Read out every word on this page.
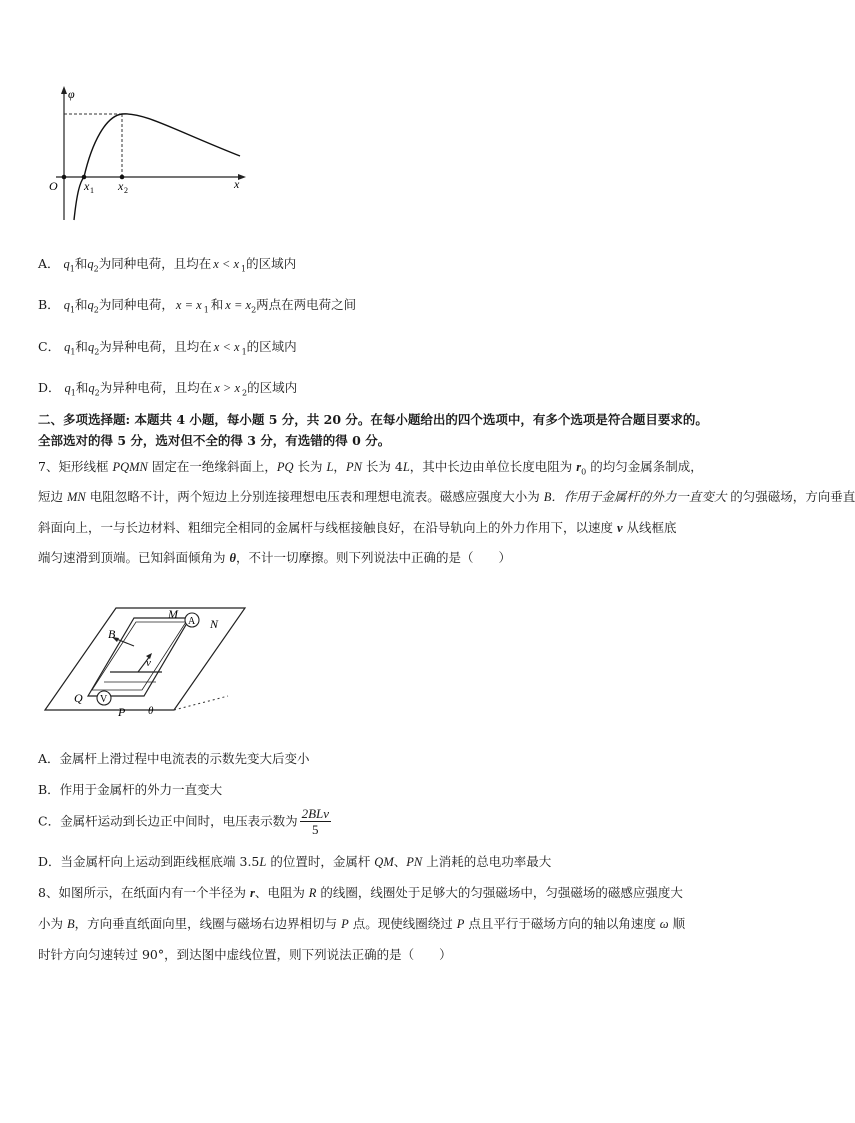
φ
O x 1 x 2	x
A． $q_1$和$q_2$为同种电荷，且均在 x < x $_1$的区域内
B． $q_1$和$q_2$为同种电荷， x = x $_1$ 和 $x = x_2$两点在两电荷之间
C． $q_1$和$q_2$为异种电荷，且均在 x < x $_1$的区域内
D． $q_1$和$q_2$为异种电荷，且均在 x > x $_2$的区域内
二、多项选择题: 本题共 4 小题，每小题 5 分，共 20 分。在每小题给出的四个选项中，有多个选项是符合题目要求的。
全部选对的得 5 分，选对但不全的得 3 分，有选错的得 0 分。
7、矩形线框 PQMN 固定在一绝缘斜面上，PQ 长为 L，PN 长为 4L，其中长边由单位长度电阻为 $r_0$ 的均匀金属条制成，
短边 MN 电阻忽略不计，两个短边上分别连接理想电压表和理想电流表。磁感应强度大小为 B．作用于金属杆的外力一直变大 的匀强磁场，方向垂直
斜面向上，一与长边材料、粗细完全相同的金属杆与线框接触良好，在沿导轨向上的外力作用下，以速度 v 从线框底
端匀速滑到顶端。已知斜面倾角为 θ，不计一切摩擦。则下列说法中正确的是（　　）
A
V
B
M
N
v
Q
P θ
A．金属杆上滑过程中电流表的示数先变大后变小
B．作用于金属杆的外力一直变大
C．金属杆运动到长边正中间时，电压表示数为 $\frac{\text{2BLv}}{5}$
D．当金属杆向上运动到距线框底端 3.5L 的位置时，金属杆 QM、PN 上消耗的总电功率最大
8、如图所示，在纸面内有一个半径为 r、电阻为 R 的线圈，线圈处于足够大的匀强磁场中，匀强磁场的磁感应强度大
小为 B，方向垂直纸面向里，线圈与磁场右边界相切与 P 点。现使线圈绕过 P 点且平行于磁场方向的轴以角速度 ω 顺
时针方向匀速转过 90°，到达图中虚线位置，则下列说法正确的是（　　）
